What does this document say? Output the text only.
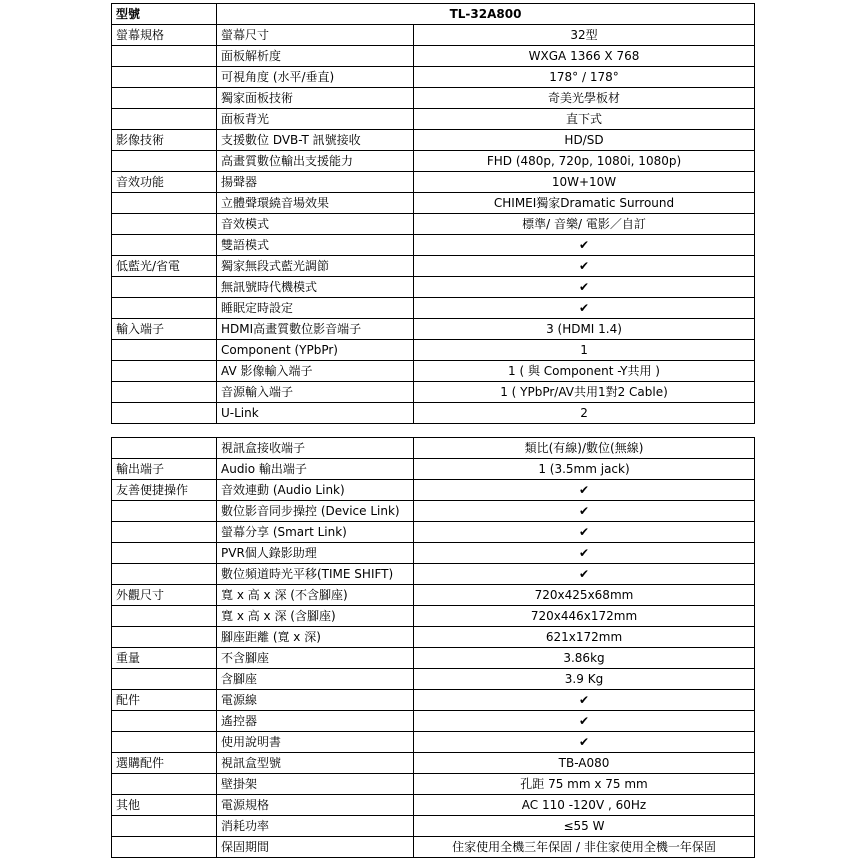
型號	TL-32A800	
螢幕規格	螢幕尺寸	32型
	面板解析度	WXGA 1366 X 768
	可視角度 (水平/垂直)	178° / 178°
	獨家面板技術	奇美光學板材
	面板背光	直下式
影像技術	支援數位 DVB-T 訊號接收	HD/SD
	高畫質數位輸出支援能力	FHD (480p, 720p, 1080i, 1080p)
音效功能	揚聲器	10W+10W
	立體聲環繞音場效果	CHIMEI獨家Dramatic Surround
	音效模式	標準/ 音樂/ 電影／自訂
	雙語模式	✔
低藍光/省電	獨家無段式藍光調節	✔
	無訊號時代機模式	✔
	睡眠定時設定	✔
輸入端子	HDMI高畫質數位影音端子	3 (HDMI 1.4)
	Component (YPbPr)	1
	AV 影像輸入端子	1 ( 與 Component -Y共用 )
	音源輸入端子	1 ( YPbPr/AV共用1對2 Cable)
	U-Link	2
	視訊盒接收端子	類比(有線)/數位(無線)
輸出端子	Audio 輸出端子	1 (3.5mm jack)
友善便捷操作	音效連動 (Audio Link)	✔
	數位影音同步操控 (Device Link)	✔
	螢幕分享 (Smart Link)	✔
	PVR個人錄影助理	✔
	數位頻道時光平移(TIME SHIFT)	✔
外觀尺寸	寬 x 高 x 深 (不含腳座)	720x425x68mm
	寬 x 高 x 深 (含腳座)	720x446x172mm
	腳座距離 (寬 x 深)	621x172mm
重量	不含腳座	3.86kg
	含腳座	3.9 Kg
配件	電源線	✔
	遙控器	✔
	使用說明書	✔
選購配件	視訊盒型號	TB-A080
	壁掛架	孔距 75 mm x 75 mm
其他	電源規格	AC 110 -120V , 60Hz
	消耗功率	≤55 W
	保固期間	住家使用全機三年保固 / 非住家使用全機一年保固
